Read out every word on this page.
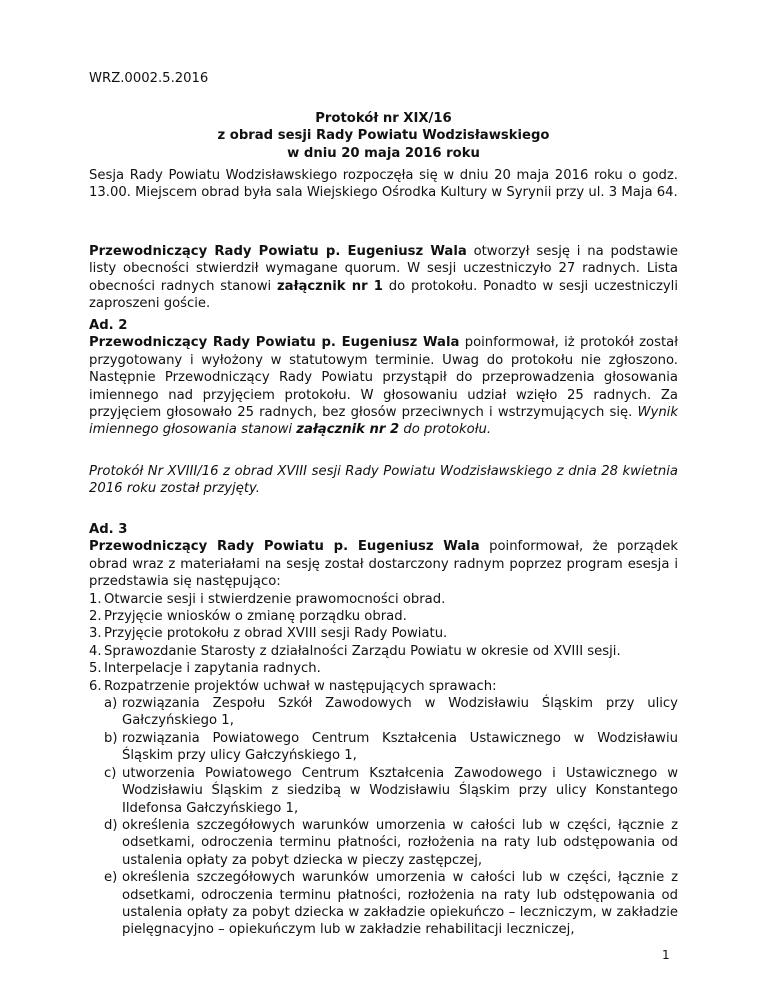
WRZ.0002.5.2016
Protokół nr XIX/16
z obrad sesji Rady Powiatu Wodzisławskiego
w dniu 20 maja 2016 roku

Sesja Rady Powiatu Wodzisławskiego rozpoczęła się w dniu 20 maja 2016 roku o godz. 13.00. Miejscem obrad była sala Wiejskiego Ośrodka Kultury w Syrynii przy ul. 3 Maja 64.

Przewodniczący Rady Powiatu p. Eugeniusz Wala otworzył sesję i na podstawie listy obecności stwierdził wymagane quorum. W sesji uczestniczyło 27 radnych. Lista obecności radnych stanowi załącznik nr 1 do protokołu. Ponadto w sesji uczestniczyli zaproszeni goście.

Ad. 2

Przewodniczący Rady Powiatu p. Eugeniusz Wala poinformował, iż protokół został przygotowany i wyłożony w statutowym terminie. Uwag do protokołu nie zgłoszono. Następnie Przewodniczący Rady Powiatu przystąpił do przeprowadzenia głosowania imiennego nad przyjęciem protokołu. W głosowaniu udział wzięło 25 radnych. Za przyjęciem głosowało 25 radnych, bez głosów przeciwnych i wstrzymujących się. Wynik imiennego głosowania stanowi załącznik nr 2 do protokołu.

Protokół Nr XVIII/16 z obrad XVIII sesji Rady Powiatu Wodzisławskiego z dnia 28 kwietnia 2016 roku został przyjęty.

Ad. 3

Przewodniczący Rady Powiatu p. Eugeniusz Wala poinformował, że porządek obrad wraz z materiałami na sesję został dostarczony radnym poprzez program esesja i przedstawia się następująco:

1. Otwarcie sesji i stwierdzenie prawomocności obrad.
2. Przyjęcie wniosków o zmianę porządku obrad.
3. Przyjęcie protokołu z obrad XVIII sesji Rady Powiatu.
4. Sprawozdanie Starosty z działalności Zarządu Powiatu w okresie od XVIII sesji.
5. Interpelacje i zapytania radnych.
6. Rozpatrzenie projektów uchwał w następujących sprawach:
a) rozwiązania Zespołu Szkół Zawodowych w Wodzisławiu Śląskim przy ulicy Gałczyńskiego 1,
b) rozwiązania Powiatowego Centrum Kształcenia Ustawicznego w Wodzisławiu Śląskim przy ulicy Gałczyńskiego 1,
c) utworzenia Powiatowego Centrum Kształcenia Zawodowego i Ustawicznego w Wodzisławiu Śląskim z siedzibą w Wodzisławiu Śląskim przy ulicy Konstantego Ildefonsa Gałczyńskiego 1,
d) określenia szczegółowych warunków umorzenia w całości lub w części, łącznie z odsetkami, odroczenia terminu płatności, rozłożenia na raty lub odstępowania od ustalenia opłaty za pobyt dziecka w pieczy zastępczej,
e) określenia szczegółowych warunków umorzenia w całości lub w części, łącznie z odsetkami, odroczenia terminu płatności, rozłożenia na raty lub odstępowania od ustalenia opłaty za pobyt dziecka w zakładzie opiekuńczo – leczniczym, w zakładzie pielęgnacyjno – opiekuńczym lub w zakładzie rehabilitacji leczniczej,
1
